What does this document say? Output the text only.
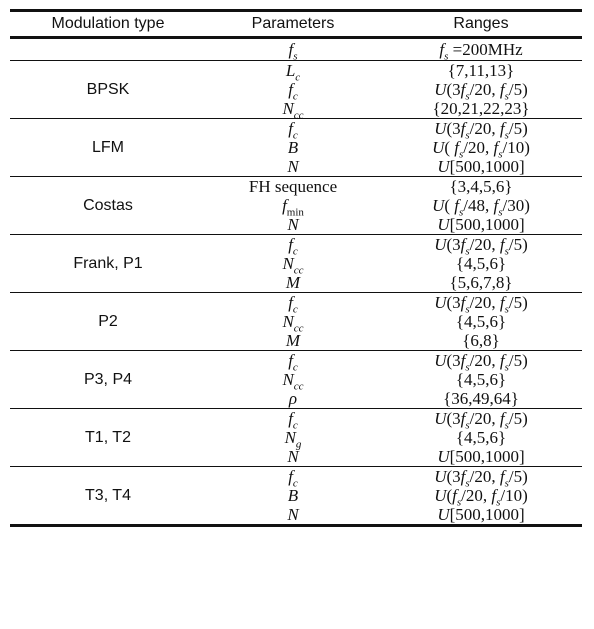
Modulation type	Parameters	Ranges
	$f_s$	$f_s =200MHz$
BPSK	$L_c$	{7,11,13}
	$f_c$	$U(3f_s/20$, $f_s/5$)
	$N_{cc}$	{20,21,22,23}
LFM	$f_c$	$U(3f_s/20$, $f_s/5$)
	B	U( $f_s/20$, $f_s/10$)
	N	U[500,1000]
Costas	FH sequence	{3,4,5,6}
	$f_{min}$	U( $f_s/48$, $f_s/30$)
	N	U[500,1000]
Frank, P1	$f_c$	$U(3f_s/20$, $f_s/5$)
	$N_{cc}$	{4,5,6}
	M	{5,6,7,8}
P2	$f_c$	$U(3f_s/20$, $f_s/5$)
	$N_{cc}$	{4,5,6}
	M	{6,8}
P3, P4	$f_c$	$U(3f_s/20$, $f_s/5$)
	$N_{cc}$	{4,5,6}
	ρ	{36,49,64}
T1, T2	$f_c$	$U(3f_s/20$, $f_s/5$)
	$N_g$	{4,5,6}
	N	U[500,1000]
T3, T4	$f_c$	$U(3f_s/20$, $f_s/5$)
	B	$U(f_s/20$, $f_s/10$)
	N	U[500,1000]
